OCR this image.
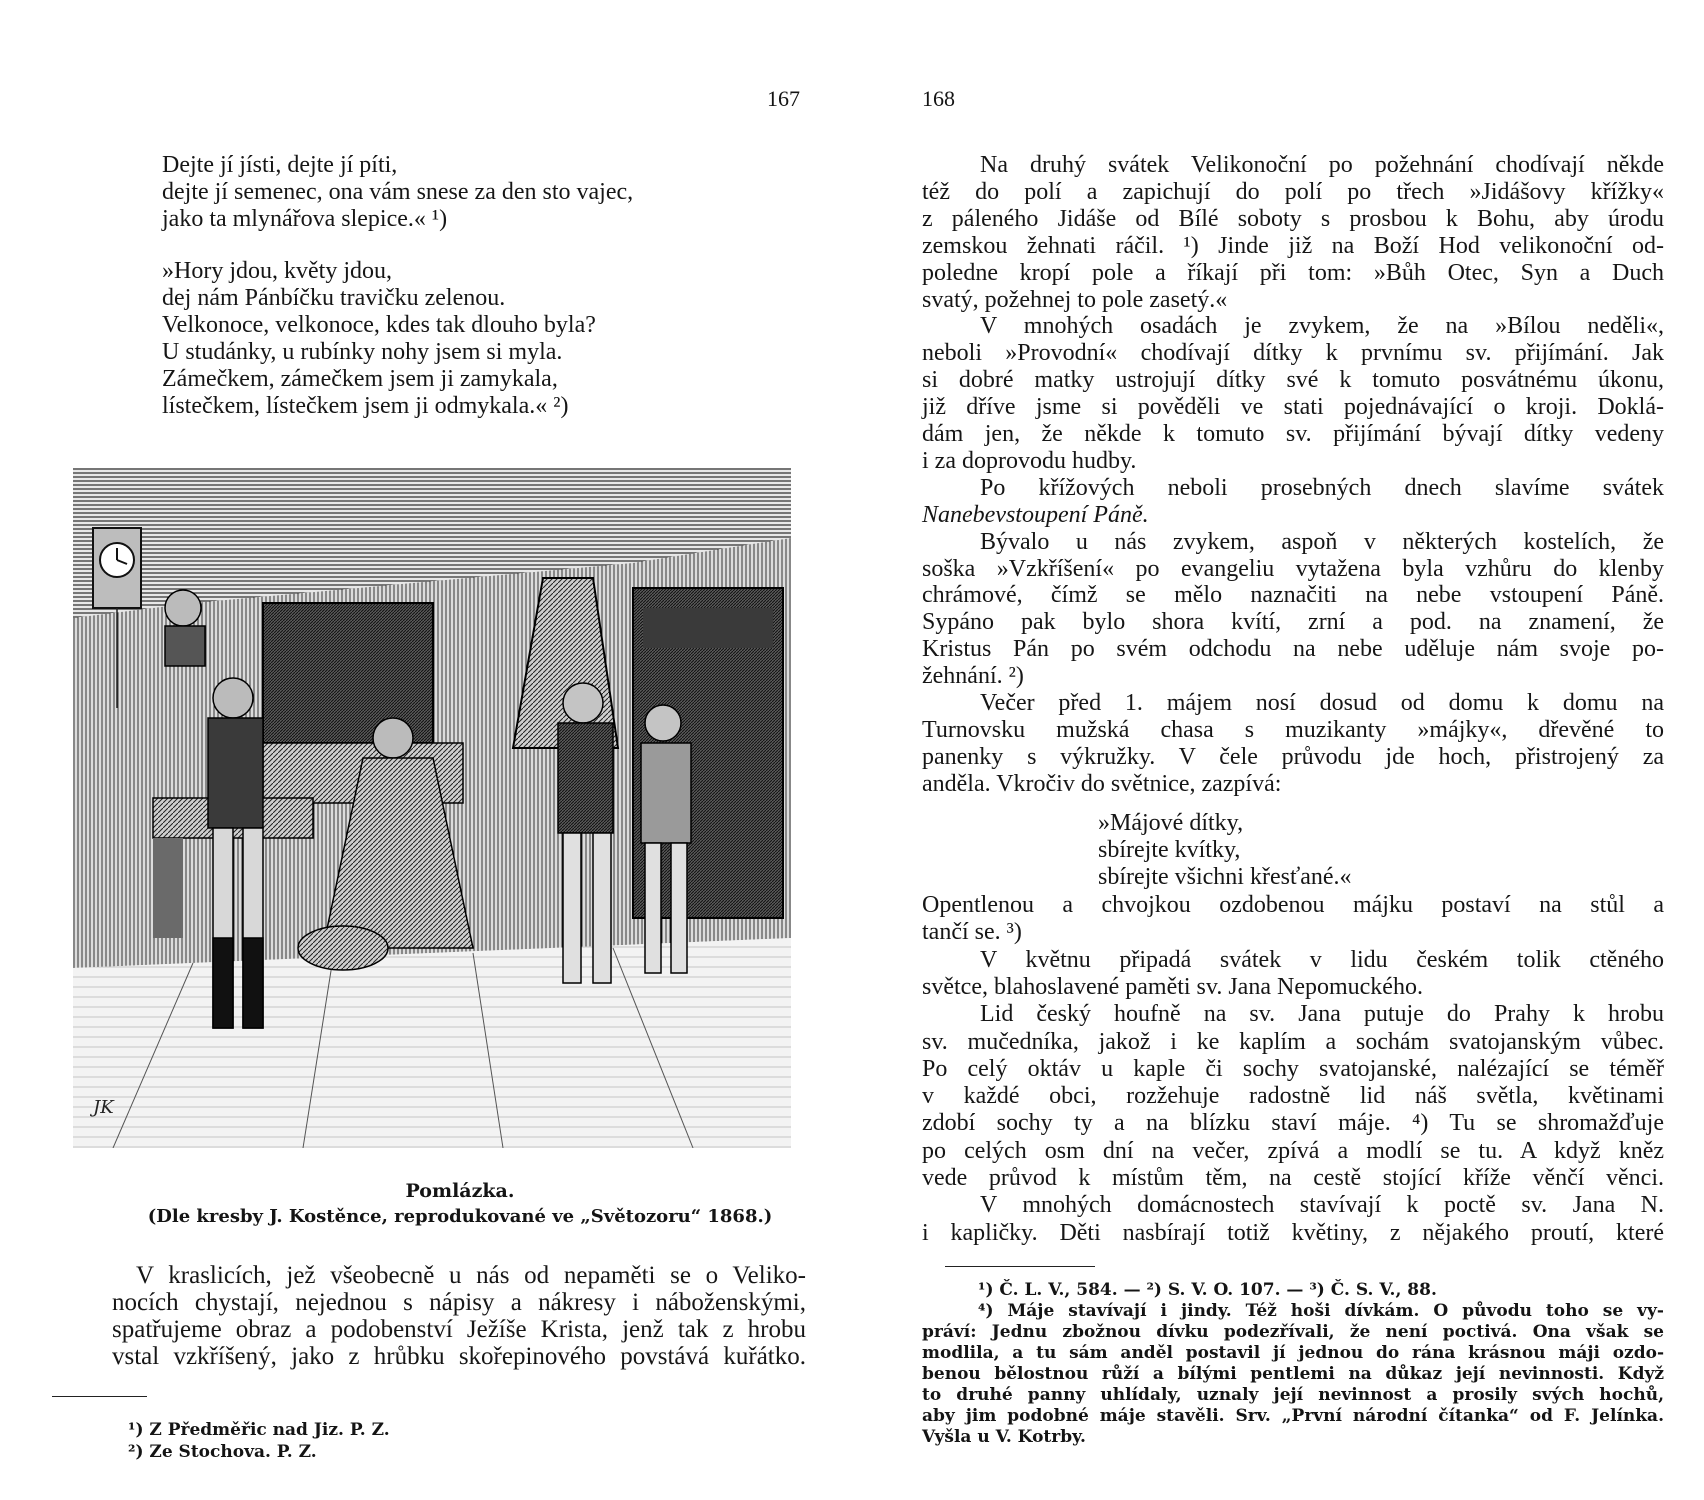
167
Dejte jí jísti, dejte jí píti,
dejte jí semenec, ona vám snese za den sto vajec,
jako ta mlynářova slepice.« ¹)
»Hory jdou, květy jdou,
dej nám Pánbíčku travičku zelenou.
Velkonoce, velkonoce, kdes tak dlouho byla?
U studánky, u rubínky nohy jsem si myla.
Zámečkem, zámečkem jsem ji zamykala,
lístečkem, lístečkem jsem ji odmykala.« ²)
JK
Pomlázka.
(Dle kresby J. Kostěnce, reprodukované ve „Světozoru“ 1868.)
V kraslicích, jež všeobecně u nás od nepaměti se o Veliko-
nocích chystají, nejednou s nápisy a nákresy i náboženskými,
spatřujeme obraz a podobenství Ježíše Krista, jenž tak z hrobu
vstal vzkříšený, jako z hrůbku skořepinového povstává kuřátko.
¹) Z Předměřic nad Jiz. P. Z.
²) Ze Stochova. P. Z.
168
Na druhý svátek Velikonoční po požehnání chodívají někde
též do polí a zapichují do polí po třech »Jidášovy křížky«
z páleného Jidáše od Bílé soboty s prosbou k Bohu, aby úrodu
zemskou žehnati ráčil. ¹) Jinde již na Boží Hod velikonoční od-
poledne kropí pole a říkají při tom: »Bůh Otec, Syn a Duch
svatý, požehnej to pole zasetý.«
V mnohých osadách je zvykem, že na »Bílou neděli«,
neboli »Provodní« chodívají dítky k prvnímu sv. přijímání. Jak
si dobré matky ustrojují dítky své k tomuto posvátnému úkonu,
již dříve jsme si pověděli ve stati pojednávající o kroji. Doklá-
dám jen, že někde k tomuto sv. přijímání bývají dítky vedeny
i za doprovodu hudby.
Po křížových neboli prosebných dnech slavíme svátek
Nanebevstoupení Páně.
Bývalo u nás zvykem, aspoň v některých kostelích, že
soška »Vzkříšení« po evangeliu vytažena byla vzhůru do klenby
chrámové, čímž se mělo naznačiti na nebe vstoupení Páně.
Sypáno pak bylo shora kvítí, zrní a pod. na znamení, že
Kristus Pán po svém odchodu na nebe uděluje nám svoje po-
žehnání. ²)
Večer před 1. májem nosí dosud od domu k domu na
Turnovsku mužská chasa s muzikanty »májky«, dřevěné to
panenky s výkružky. V čele průvodu jde hoch, přistrojený za
anděla. Vkročiv do světnice, zazpívá:
»Májové dítky,
sbírejte kvítky,
sbírejte všichni křesťané.«
Opentlenou a chvojkou ozdobenou májku postaví na stůl a
tančí se. ³)
V květnu připadá svátek v lidu českém tolik ctěného
světce, blahoslavené paměti sv. Jana Nepomuckého.
Lid český houfně na sv. Jana putuje do Prahy k hrobu
sv. mučedníka, jakož i ke kaplím a sochám svatojanským vůbec.
Po celý oktáv u kaple či sochy svatojanské, nalézající se téměř
v každé obci, rozžehuje radostně lid náš světla, květinami
zdobí sochy ty a na blízku staví máje. ⁴) Tu se shromažďuje
po celých osm dní na večer, zpívá a modlí se tu. A když kněz
vede průvod k místům těm, na cestě stojící kříže věnčí věnci.
V mnohých domácnostech stavívají k poctě sv. Jana N.
i kapličky. Děti nasbírají totiž květiny, z nějakého proutí, které
¹) Č. L. V., 584. — ²) S. V. O. 107. — ³) Č. S. V., 88.
⁴) Máje stavívají i jindy. Též hoši dívkám. O původu toho se vy-
práví: Jednu zbožnou dívku podezřívali, že není poctivá. Ona však se
modlila, a tu sám anděl postavil jí jednou do rána krásnou máji ozdo-
benou bělostnou růží a bílými pentlemi na důkaz její nevinnosti. Když
to druhé panny uhlídaly, uznaly její nevinnost a prosily svých hochů,
aby jim podobné máje stavěli. Srv. „První národní čítanka“ od F. Jelínka.
Vyšla u V. Kotrby.
